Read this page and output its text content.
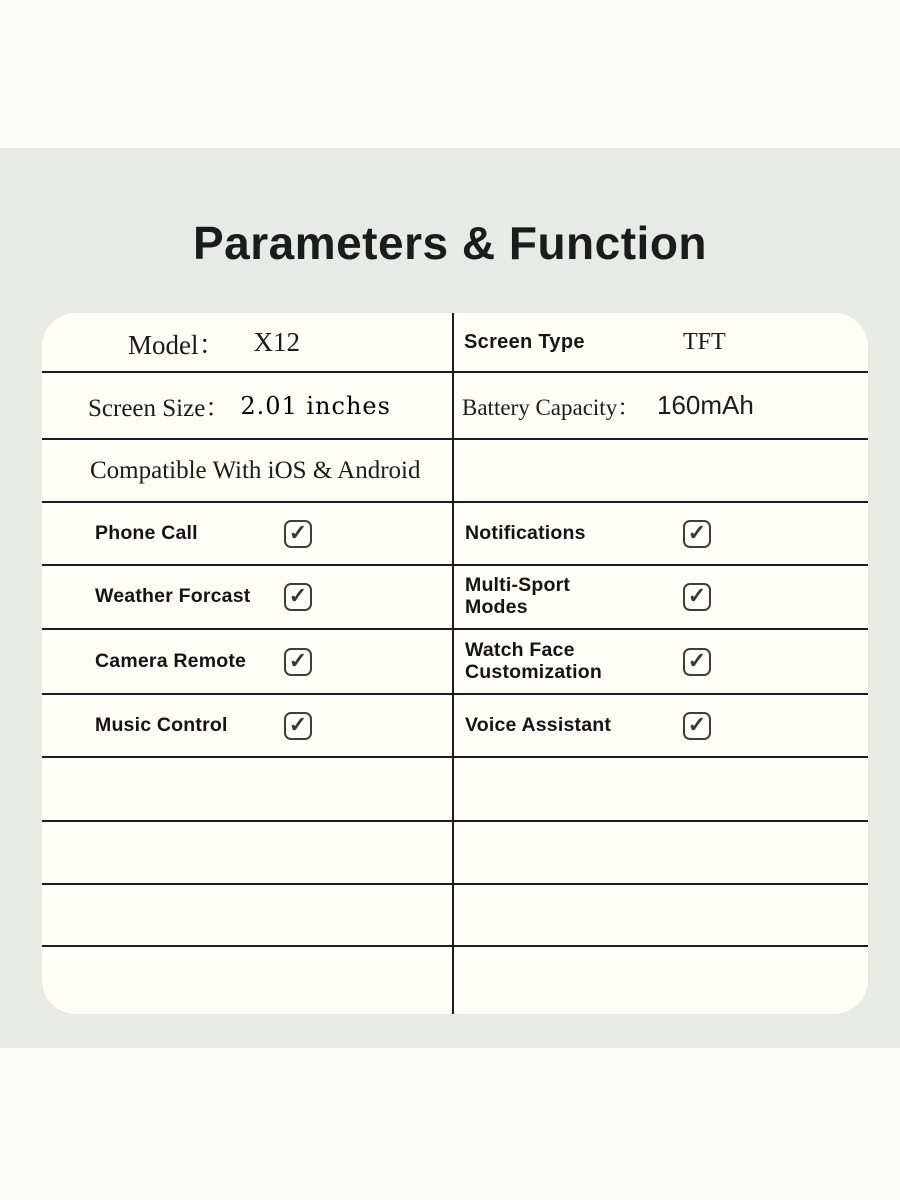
Parameters & Function
Model： X12	Screen Type	TFT
Screen Size： 2.01 inches	Battery Capacity： 160mAh
Compatible With iOS & Android
Phone Call	✓	Notifications	✓
Weather Forcast ✓	Multi-Sport Modes	✓
Camera Remote ✓	Watch Face Customization	✓
Music Control	✓	Voice Assistant	✓
